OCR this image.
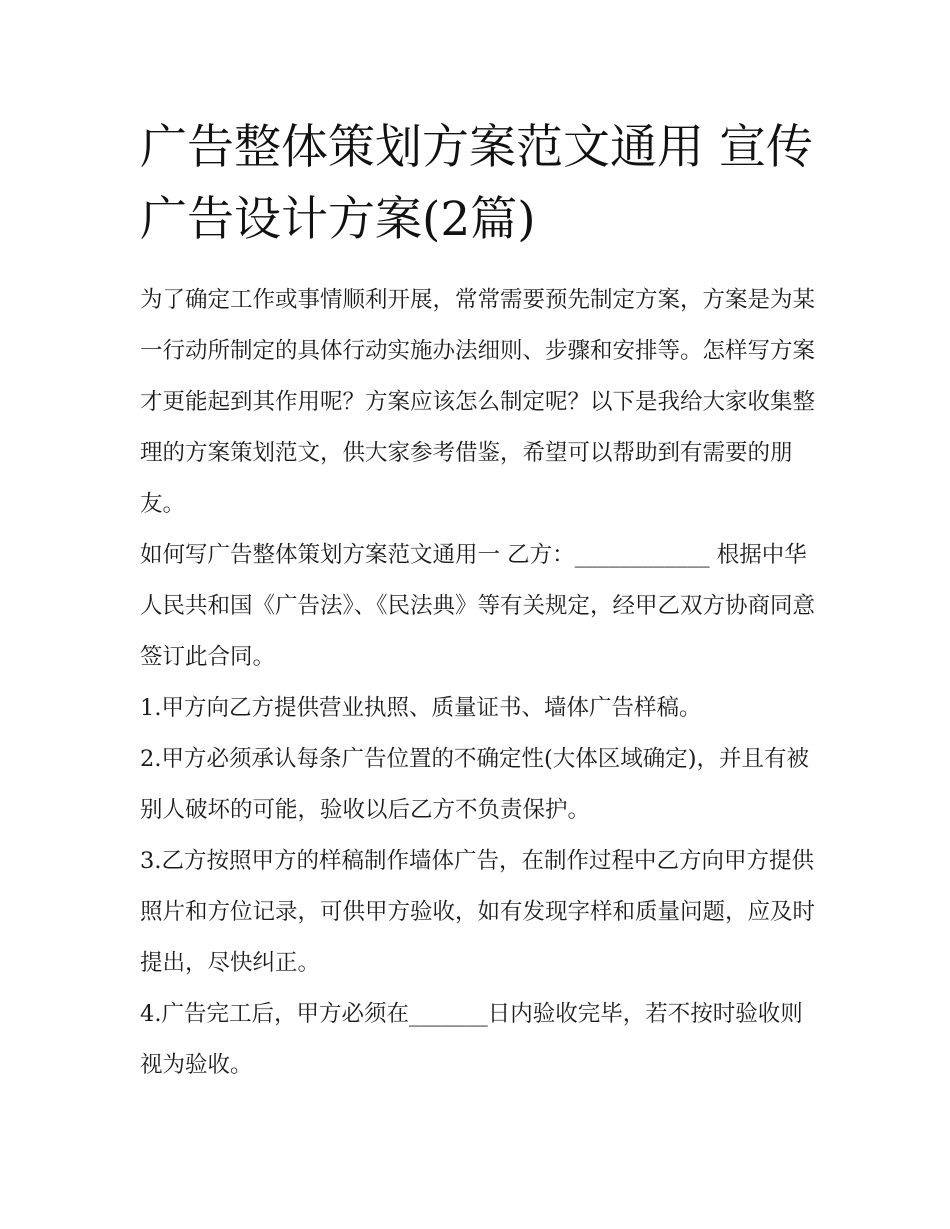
广告整体策划方案范文通用 宣传广告设计方案(2篇)

为了确定工作或事情顺利开展，常常需要预先制定方案，方案是为某一行动所制定的具体行动实施办法细则、步骤和安排等。怎样写方案才更能起到其作用呢？方案应该怎么制定呢？以下是我给大家收集整理的方案策划范文，供大家参考借鉴，希望可以帮助到有需要的朋友。

如何写广告整体策划方案范文通用一 乙方：____________ 根据中华人民共和国《广告法》、《民法典》等有关规定，经甲乙双方协商同意签订此合同。

1.甲方向乙方提供营业执照、质量证书、墙体广告样稿。

2.甲方必须承认每条广告位置的不确定性(大体区域确定)，并且有被别人破坏的可能，验收以后乙方不负责保护。

3.乙方按照甲方的样稿制作墙体广告，在制作过程中乙方向甲方提供照片和方位记录，可供甲方验收，如有发现字样和质量问题，应及时提出，尽快纠正。

4.广告完工后，甲方必须在_______日内验收完毕，若不按时验收则视为验收。
